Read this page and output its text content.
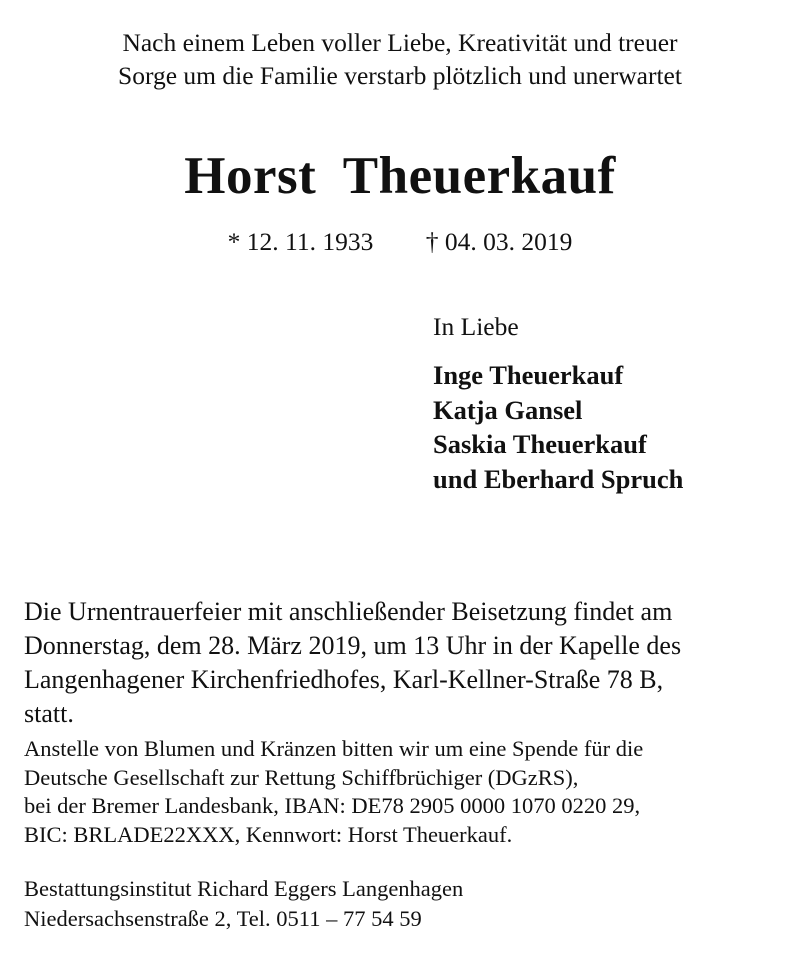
Nach einem Leben voller Liebe, Kreativität und treuer
Sorge um die Familie verstarb plötzlich und unerwartet
Horst  Theuerkauf
* 12. 11. 1933 † 04. 03. 2019
In Liebe
Inge Theuerkauf
Katja Gansel
Saskia Theuerkauf
und Eberhard Spruch
Die Urnentrauerfeier mit anschließender Beisetzung findet am
Donnerstag, dem 28. März 2019, um 13 Uhr in der Kapelle des
Langenhagener Kirchenfriedhofes, Karl-Kellner-Straße 78 B,
statt.
Anstelle von Blumen und Kränzen bitten wir um eine Spende für die
Deutsche Gesellschaft zur Rettung Schiffbrüchiger (DGzRS),
bei der Bremer Landesbank, IBAN: DE78 2905 0000 1070 0220 29,
BIC: BRLADE22XXX, Kennwort: Horst Theuerkauf.
Bestattungsinstitut Richard Eggers Langenhagen
Niedersachsenstraße 2, Tel. 0511 – 77 54 59
